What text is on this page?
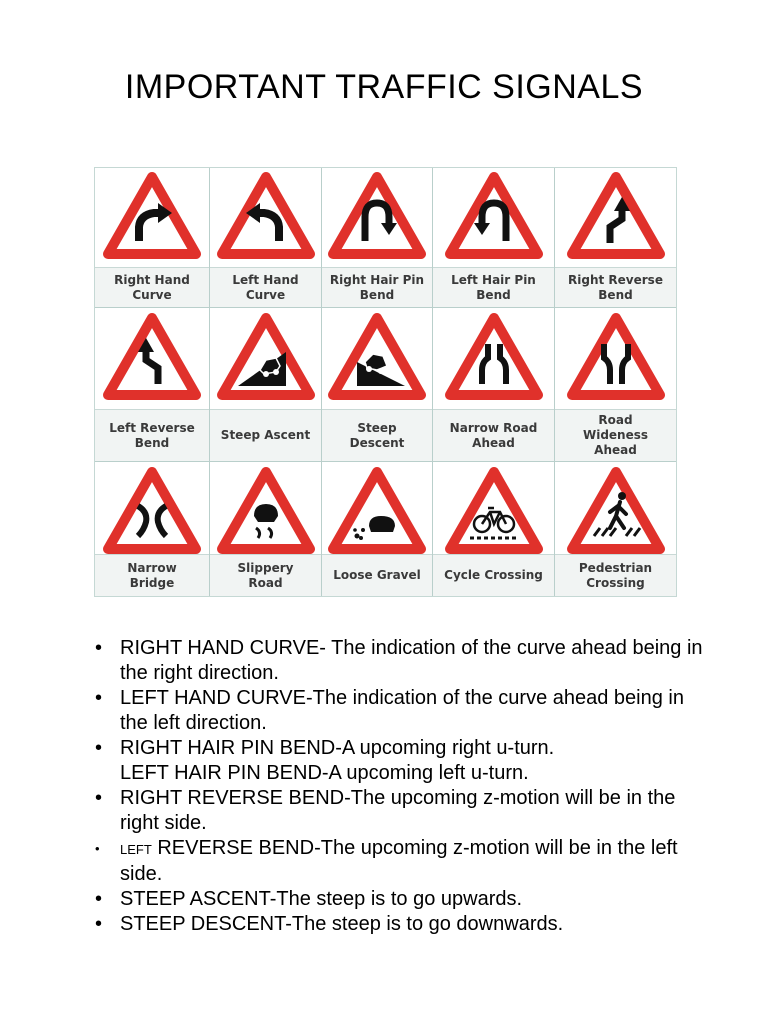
IMPORTANT TRAFFIC SIGNALS
Right Hand
Curve
Left Hand
Curve
Right Hair Pin
Bend
Left Hair Pin
Bend
Right Reverse
Bend
Left Reverse
Bend
Steep Ascent
Steep
Descent
Narrow Road
Ahead
Road
Wideness
Ahead
Narrow
Bridge
Slippery
Road
Loose Gravel	Cycle Crossing
Pedestrian
Crossing
• RIGHT HAND CURVE- The indication of the curve ahead being in the right direction.
• LEFT HAND CURVE-The indication of the curve ahead being in the left direction.
• RIGHT HAIR PIN BEND-A upcoming right u-turn.
LEFT HAIR PIN BEND-A upcoming left u-turn.
• RIGHT REVERSE BEND-The upcoming z-motion will be in the right side.
•	LEFT REVERSE BEND-The upcoming z-motion will be in the left side.
• STEEP ASCENT-The steep is to go upwards.
• STEEP DESCENT-The steep is to go downwards.
